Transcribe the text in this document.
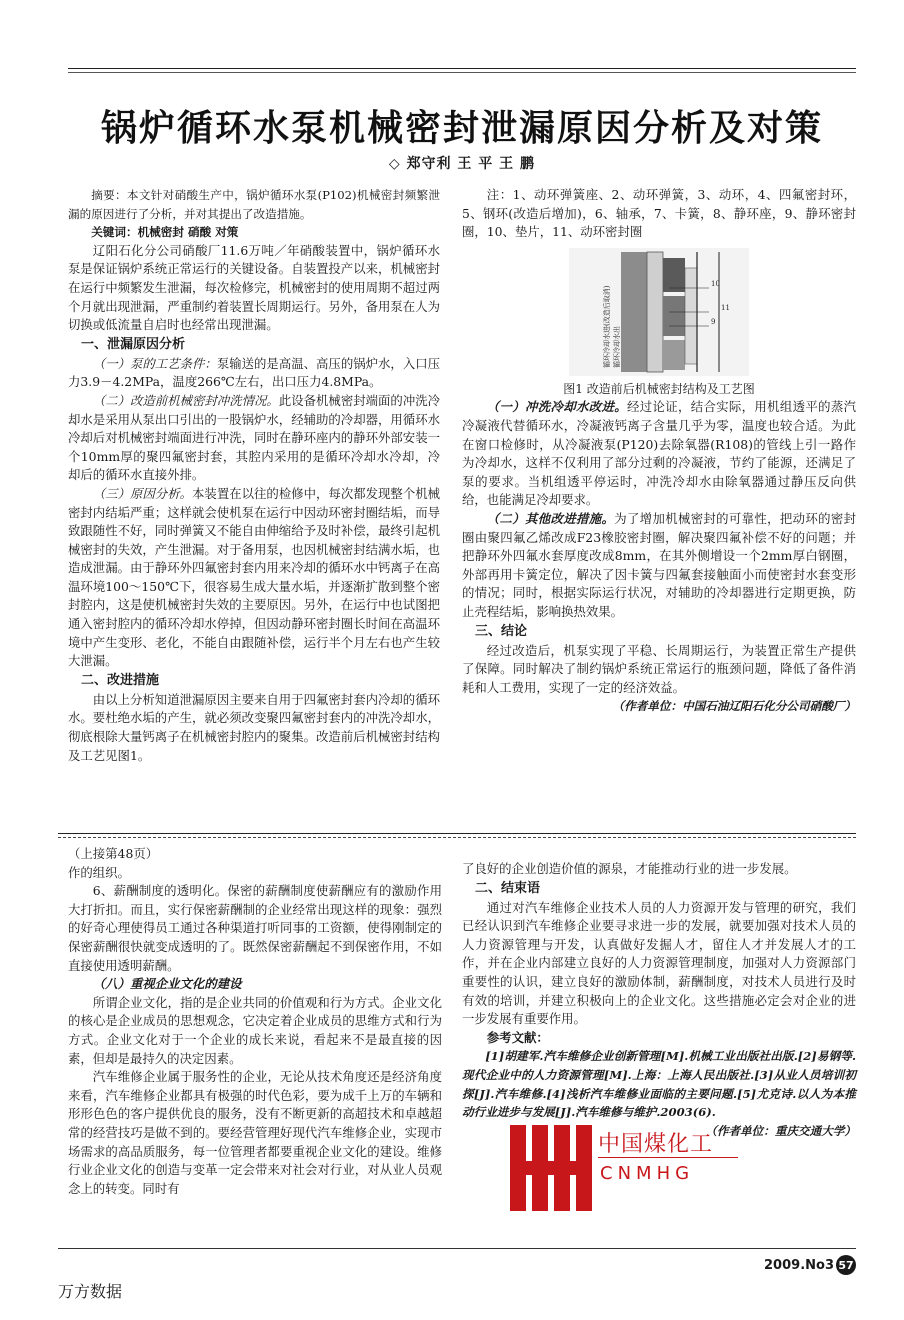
锅炉循环水泵机械密封泄漏原因分析及对策
◇ 郑守利 王 平 王 鹏

摘要：本文针对硝酸生产中，锅炉循环水泵(P102)机械密封频繁泄漏的原因进行了分析，并对其提出了改造措施。

关键词：机械密封 硝酸 对策

辽阳石化分公司硝酸厂11.6万吨／年硝酸装置中，锅炉循环水泵是保证锅炉系统正常运行的关键设备。自装置投产以来，机械密封在运行中频繁发生泄漏，每次检修完，机械密封的使用周期不超过两个月就出现泄漏，严重制约着装置长周期运行。另外，备用泵在人为切换或低流量自启时也经常出现泄漏。

一、泄漏原因分析

（一）泵的工艺条件：泵输送的是高温、高压的锅炉水，入口压力3.9－4.2MPa，温度266℃左右，出口压力4.8MPa。

（二）改造前机械密封冲洗情况。此设备机械密封端面的冲洗冷却水是采用从泵出口引出的一股锅炉水，经辅助的冷却器，用循环水冷却后对机械密封端面进行冲洗，同时在静环座内的静环外部安装一个10mm厚的聚四氟密封套，其腔内采用的是循环冷却水冷却，冷却后的循环水直接外排。

（三）原因分析。本装置在以往的检修中，每次都发现整个机械密封内结垢严重；这样就会使机泵在运行中因动环密封圈结垢，而导致跟随性不好，同时弹簧又不能自由伸缩给予及时补偿，最终引起机械密封的失效，产生泄漏。对于备用泵，也因机械密封结满水垢，也造成泄漏。由于静环外四氟密封套内用来冷却的循环水中钙离子在高温环境100～150℃下，很容易生成大量水垢，并逐渐扩散到整个密封腔内，这是使机械密封失效的主要原因。另外，在运行中也试图把通入密封腔内的循环冷却水停掉，但因动静环密封圈长时间在高温环境中产生变形、老化，不能自由跟随补偿，运行半个月左右也产生较大泄漏。

二、改进措施

由以上分析知道泄漏原因主要来自用于四氟密封套内冷却的循环水。要杜绝水垢的产生，就必须改变聚四氟密封套内的冲洗冷却水，彻底根除大量钙离子在机械密封腔内的聚集。改造前后机械密封结构及工艺见图1。

注：1、动环弹簧座、2、动环弹簧，3、动环，4、四氟密封环，5、钢环(改造后增加)，6、轴承，7、卡簧，8、静环座，9、静环密封圈，10、垫片，11、动环密封圈

循环冷却水进(改造后取消) 循环冷却水出
10
11
9

图1 改造前后机械密封结构及工艺图

（一）冲洗冷却水改进。经过论证，结合实际，用机组透平的蒸汽冷凝液代替循环水，冷凝液钙离子含量几乎为零，温度也较合适。为此在窗口检修时，从冷凝液泵(P120)去除氧器(R108)的管线上引一路作为冷却水，这样不仅利用了部分过剩的冷凝液，节约了能源，还满足了泵的要求。当机组透平停运时，冲洗冷却水由除氧器通过静压反向供给，也能满足冷却要求。

（二）其他改进措施。为了增加机械密封的可靠性，把动环的密封圈由聚四氟乙烯改成F23橡胶密封圈，解决聚四氟补偿不好的问题；并把静环外四氟水套厚度改成8mm，在其外侧增设一个2mm厚白钢圈，外部再用卡簧定位，解决了因卡簧与四氟套接触面小而使密封水套变形的情况；同时，根据实际运行状况，对辅助的冷却器进行定期更换，防止壳程结垢，影响换热效果。

三、结论

经过改造后，机泵实现了平稳、长周期运行，为装置正常生产提供了保障。同时解决了制约锅炉系统正常运行的瓶颈问题，降低了备件消耗和人工费用，实现了一定的经济效益。

（作者单位：中国石油辽阳石化分公司硝酸厂）

（上接第48页）

作的组织。

6、薪酬制度的透明化。保密的薪酬制度使薪酬应有的激励作用大打折扣。而且，实行保密薪酬制的企业经常出现这样的现象：强烈的好奇心理使得员工通过各种渠道打听同事的工资额，使得刚制定的保密薪酬很快就变成透明的了。既然保密薪酬起不到保密作用，不如直接使用透明薪酬。

（八）重视企业文化的建设

所谓企业文化，指的是企业共同的价值观和行为方式。企业文化的核心是企业成员的思想观念，它决定着企业成员的思维方式和行为方式。企业文化对于一个企业的成长来说，看起来不是最直接的因素，但却是最持久的决定因素。

汽车维修企业属于服务性的企业，无论从技术角度还是经济角度来看，汽车维修企业都具有极强的时代色彩，要为成千上万的车辆和形形色色的客户提供优良的服务，没有不断更新的高超技术和卓越超常的经营技巧是做不到的。要经营管理好现代汽车维修企业，实现市场需求的高品质服务，每一位管理者都要重视企业文化的建设。维修行业企业文化的创造与变革一定会带来对社会对行业，对从业人员观念上的转变。同时有

了良好的企业创造价值的源泉，才能推动行业的进一步发展。

二、结束语

通过对汽车维修企业技术人员的人力资源开发与管理的研究，我们已经认识到汽车维修企业要寻求进一步的发展，就要加强对技术人员的人力资源管理与开发，认真做好发掘人才，留住人才并发展人才的工作，并在企业内部建立良好的人力资源管理制度，加强对人力资源部门重要性的认识，建立良好的激励体制，薪酬制度，对技术人员进行及时有效的培训，并建立积极向上的企业文化。这些措施必定会对企业的进一步发展有重要作用。

参考文献：

[1]胡建军.汽车维修企业创新管理[M].机械工业出版社出版.[2]易钢等.现代企业中的人力资源管理[M].上海：上海人民出版社.[3]从业人员培训初探[J].汽车维修.[4]浅析汽车维修业面临的主要问题.[5]尤克诗.以人为本推动行业进步与发展[J].汽车维修与维护.2003(6).

（作者单位：重庆交通大学）

中国煤化工
CNMHG
万方数据
2009.No3 57
